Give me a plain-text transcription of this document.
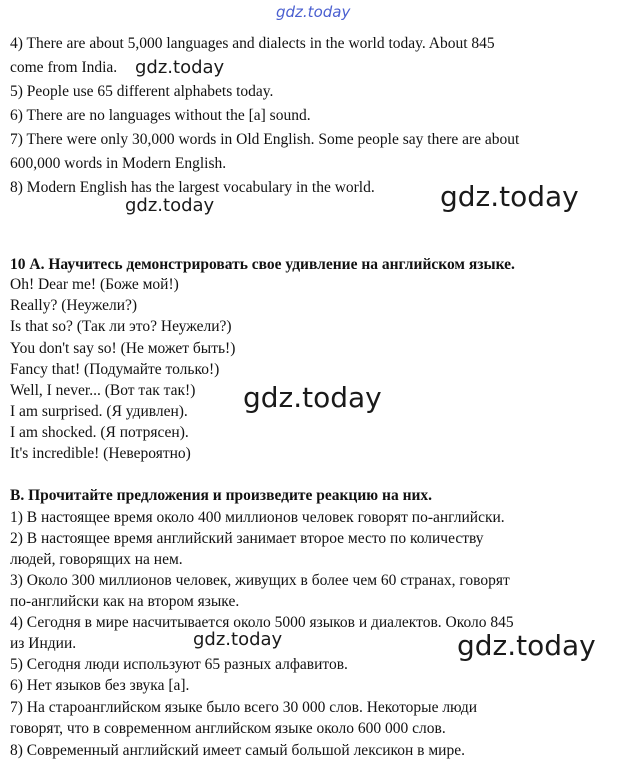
gdz.today
gdz.today
gdz.today
gdz.today
gdz.today
gdz.today	gdz.today
4) There are about 5,000 languages and dialects in the world today. About 845
come from India.
5) People use 65 different alphabets today.
6) There are no languages without the [a] sound.
7) There were only 30,000 words in Old English. Some people say there are about
600,000 words in Modern English.
8) Modern English has the largest vocabulary in the world.
10 А. Научитесь демонстрировать свое удивление на английском языке.
Oh! Dear me! (Боже мой!)
Really? (Неужели?)
Is that so? (Так ли это? Неужели?)
You don't say so! (Не может быть!)
Fancy that! (Подумайте только!)
Well, I never... (Вот так так!)
I am surprised. (Я удивлен).
I am shocked. (Я потрясен).
It's incredible! (Невероятно)
В. Прочитайте предложения и произведите реакцию на них.
1) В настоящее время около 400 миллионов человек говорят по-английски.
2) В настоящее время английский занимает второе место по количеству
людей, говорящих на нем.
3) Около 300 миллионов человек, живущих в более чем 60 странах, говорят
по-английски как на втором языке.
4) Сегодня в мире насчитывается около 5000 языков и диалектов. Около 845
из Индии.
5) Сегодня люди используют 65 разных алфавитов.
6) Нет языков без звука [а].
7) На староанглийском языке было всего 30 000 слов. Некоторые люди
говорят, что в современном английском языке около 600 000 слов.
8) Современный английский имеет самый большой лексикон в мире.
